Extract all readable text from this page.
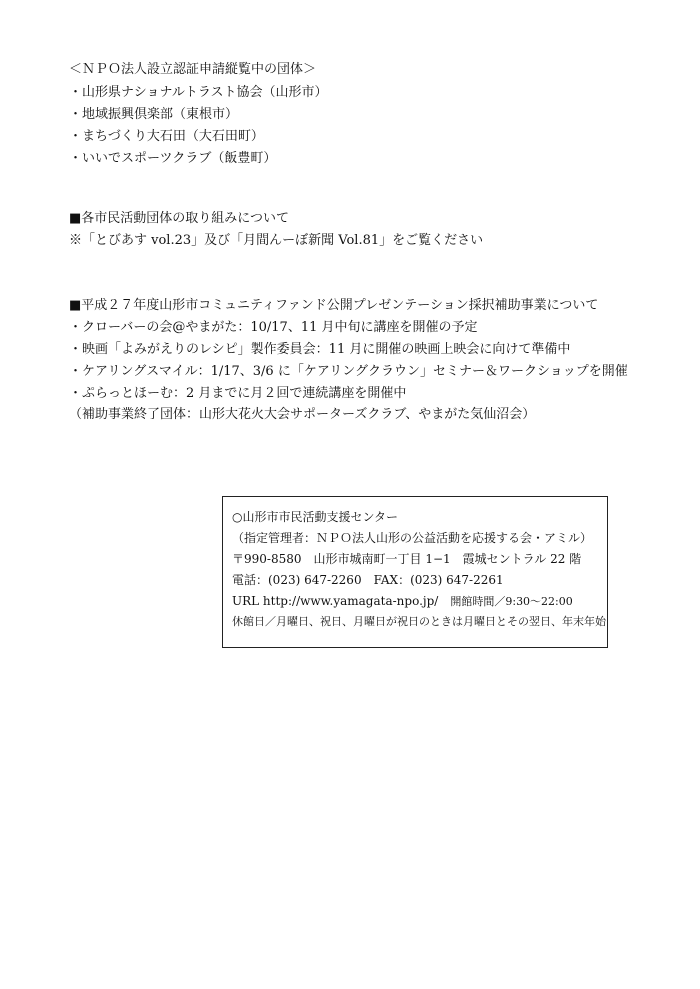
＜ＮＰＯ法人設立認証申請縦覧中の団体＞
・山形県ナショナルトラスト協会（山形市）
・地域振興倶楽部（東根市）
・まちづくり大石田（大石田町）
・いいでスポーツクラブ（飯豊町）
■各市民活動団体の取り組みについて
※「とびあす vol.23」及び「月間んーぼ新聞 Vol.81」をご覧ください
■平成２７年度山形市コミュニティファンド公開プレゼンテーション採択補助事業について
・クローバーの会@やまがた：10/17、11 月中旬に講座を開催の予定
・映画「よみがえりのレシピ」製作委員会：11 月に開催の映画上映会に向けて準備中
・ケアリングスマイル：1/17、3/6 に「ケアリングクラウン」セミナー＆ワークショップを開催
・ぷらっとほーむ：2 月までに月２回で連続講座を開催中
（補助事業終了団体：山形大花火大会サポーターズクラブ、やまがた気仙沼会）
○山形市市民活動支援センター
（指定管理者：ＮＰＯ法人山形の公益活動を応援する会・アミル）
〒990-8580　山形市城南町一丁目 1−1　霞城セントラル 22 階
電話：(023) 647-2260　FAX：(023) 647-2261
URL http://www.yamagata-npo.jp/　 開館時間／9:30～22:00
休館日／月曜日、祝日、月曜日が祝日のときは月曜日とその翌日、年末年始
